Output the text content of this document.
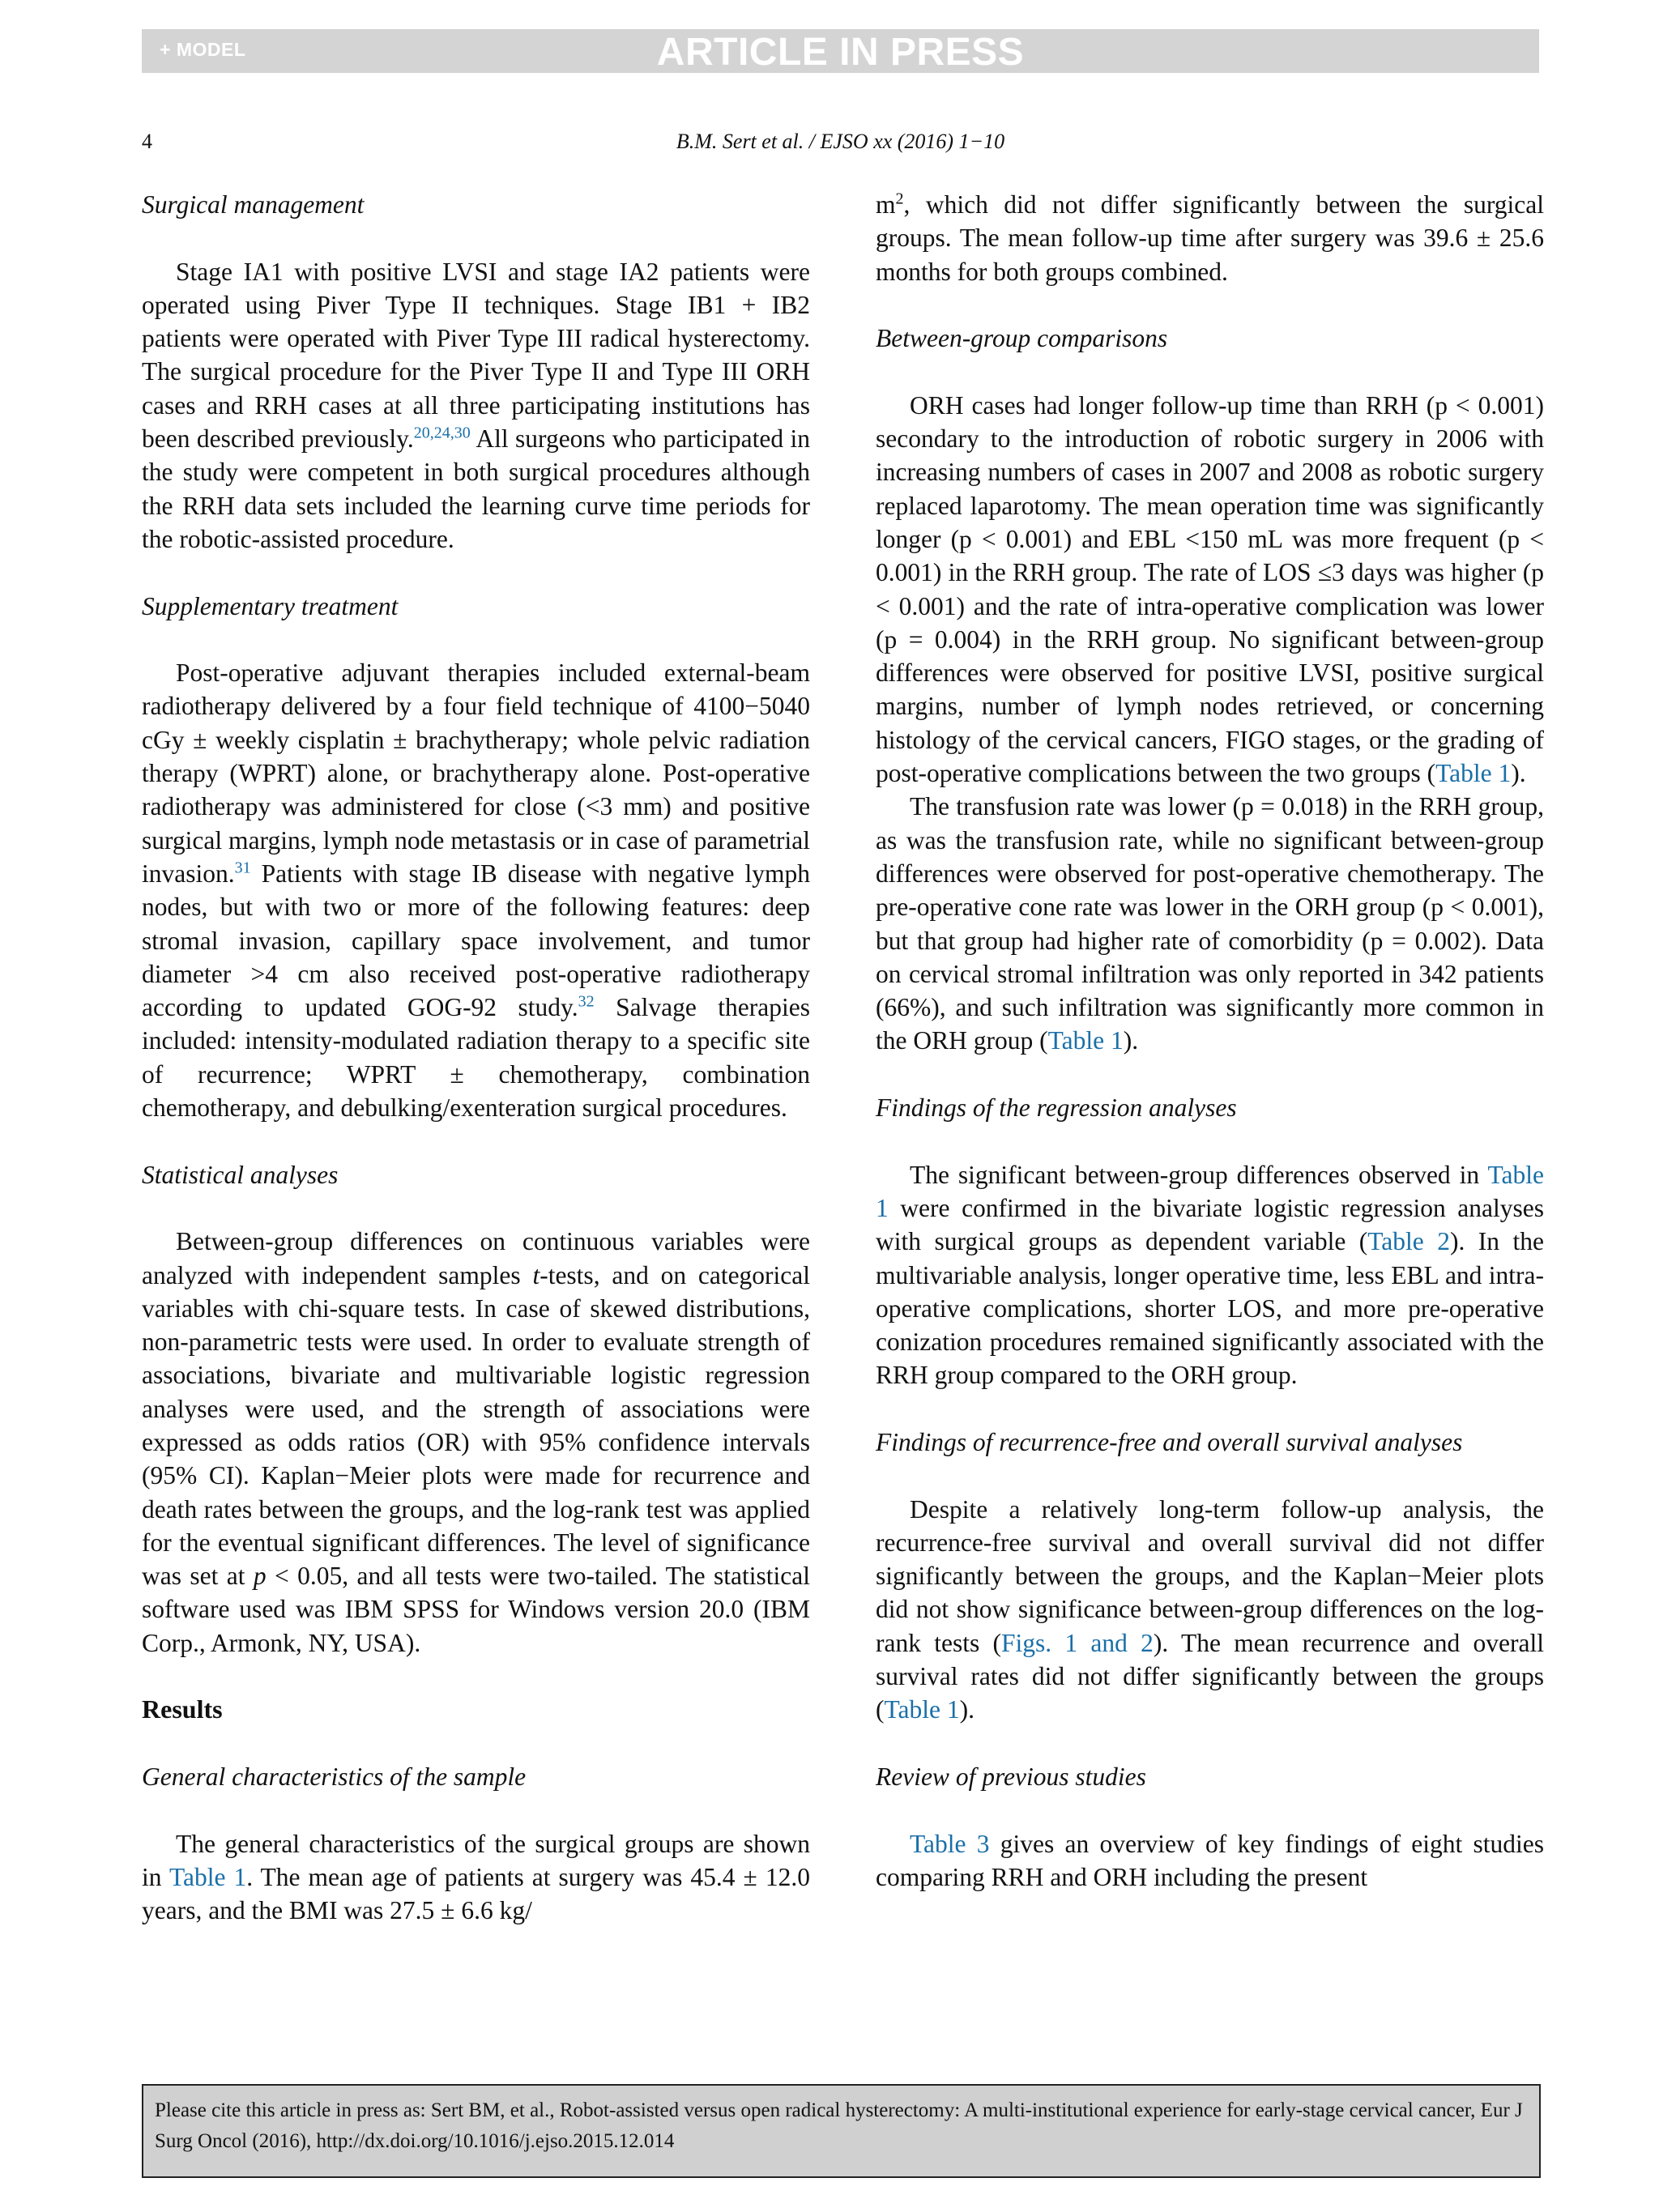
+ MODEL	ARTICLE IN PRESS
4	B.M. Sert et al. / EJSO xx (2016) 1−10
Surgical management

Stage IA1 with positive LVSI and stage IA2 patients were operated using Piver Type II techniques. Stage IB1 + IB2 patients were operated with Piver Type III radical hysterectomy. The surgical procedure for the Piver Type II and Type III ORH cases and RRH cases at all three participating institutions has been described previously.$^{20,24,30}$ All surgeons who participated in the study were competent in both surgical procedures although the RRH data sets included the learning curve time periods for the robotic-assisted procedure.

Supplementary treatment

Post-operative adjuvant therapies included external-beam radiotherapy delivered by a four field technique of 4100−5040 cGy ± weekly cisplatin ± brachytherapy; whole pelvic radiation therapy (WPRT) alone, or brachytherapy alone. Post-operative radiotherapy was administered for close (<3 mm) and positive surgical margins, lymph node metastasis or in case of parametrial invasion.$^{31}$ Patients with stage IB disease with negative lymph nodes, but with two or more of the following features: deep stromal invasion, capillary space involvement, and tumor diameter >4 cm also received post-operative radiotherapy according to updated GOG-92 study.$^{32}$ Salvage therapies included: intensity-modulated radiation therapy to a specific site of recurrence; WPRT ± chemotherapy, combination chemotherapy, and debulking/exenteration surgical procedures.

Statistical analyses

Between-group differences on continuous variables were analyzed with independent samples t-tests, and on categorical variables with chi-square tests. In case of skewed distributions, non-parametric tests were used. In order to evaluate strength of associations, bivariate and multivariable logistic regression analyses were used, and the strength of associations were expressed as odds ratios (OR) with 95% confidence intervals (95% CI). Kaplan−Meier plots were made for recurrence and death rates between the groups, and the log-rank test was applied for the eventual significant differences. The level of significance was set at p < 0.05, and all tests were two-tailed. The statistical software used was IBM SPSS for Windows version 20.0 (IBM Corp., Armonk, NY, USA).

Results
General characteristics of the sample

The general characteristics of the surgical groups are shown in Table 1. The mean age of patients at surgery was 45.4 ± 12.0 years, and the BMI was 27.5 ± 6.6 kg/

$m^2$, which did not differ significantly between the surgical groups. The mean follow-up time after surgery was 39.6 ± 25.6 months for both groups combined.

Between-group comparisons

ORH cases had longer follow-up time than RRH (p < 0.001) secondary to the introduction of robotic surgery in 2006 with increasing numbers of cases in 2007 and 2008 as robotic surgery replaced laparotomy. The mean operation time was significantly longer (p < 0.001) and EBL <150 mL was more frequent (p < 0.001) in the RRH group. The rate of LOS ≤3 days was higher (p < 0.001) and the rate of intra-operative complication was lower (p = 0.004) in the RRH group. No significant between-group differences were observed for positive LVSI, positive surgical margins, number of lymph nodes retrieved, or concerning histology of the cervical cancers, FIGO stages, or the grading of post-operative complications between the two groups (Table 1).

The transfusion rate was lower (p = 0.018) in the RRH group, as was the transfusion rate, while no significant between-group differences were observed for post-operative chemotherapy. The pre-operative cone rate was lower in the ORH group (p < 0.001), but that group had higher rate of comorbidity (p = 0.002). Data on cervical stromal infiltration was only reported in 342 patients (66%), and such infiltration was significantly more common in the ORH group (Table 1).

Findings of the regression analyses

The significant between-group differences observed in Table 1 were confirmed in the bivariate logistic regression analyses with surgical groups as dependent variable (Table 2). In the multivariable analysis, longer operative time, less EBL and intra-operative complications, shorter LOS, and more pre-operative conization procedures remained significantly associated with the RRH group compared to the ORH group.

Findings of recurrence-free and overall survival analyses

Despite a relatively long-term follow-up analysis, the recurrence-free survival and overall survival did not differ significantly between the groups, and the Kaplan−Meier plots did not show significance between-group differences on the log-rank tests (Figs. 1 and 2). The mean recurrence and overall survival rates did not differ significantly between the groups (Table 1).

Review of previous studies

Table 3 gives an overview of key findings of eight studies comparing RRH and ORH including the present

Please cite this article in press as: Sert BM, et al., Robot-assisted versus open radical hysterectomy: A multi-institutional experience for early-stage cervical cancer, Eur J Surg Oncol (2016), http://dx.doi.org/10.1016/j.ejso.2015.12.014
